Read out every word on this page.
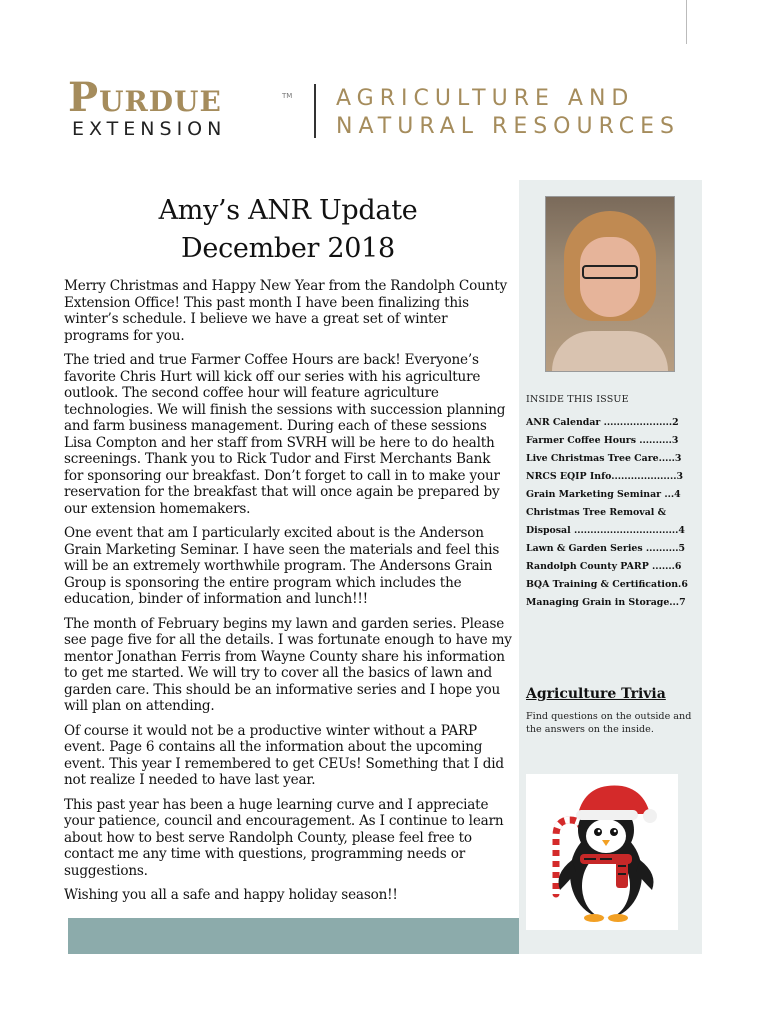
Purdue	TM
EXTENSION
AGRICULTURE AND
NATURAL RESOURCES
Amy’s ANR Update
December 2018

Merry Christmas and Happy New Year from the Randolph County Extension Office! This past month I have been finalizing this winter’s schedule. I believe we have a great set of winter programs for you.

The tried and true Farmer Coffee Hours are back! Everyone’s favorite Chris Hurt will kick off our series with his agriculture outlook. The second coffee hour will feature agriculture technologies. We will finish the sessions with succession planning and farm business management. During each of these sessions Lisa Compton and her staff from SVRH will be here to do health screenings. Thank you to Rick Tudor and First Merchants Bank for sponsoring our breakfast. Don’t forget to call in to make your reservation for the breakfast that will once again be prepared by our extension homemakers.

One event that am I particularly excited about is the Anderson Grain Marketing Seminar. I have seen the materials and feel this will be an extremely worthwhile program. The Andersons Grain Group is sponsoring the entire program which includes the education, binder of information and lunch!!!

The month of February begins my lawn and garden series. Please see page five for all the details. I was fortunate enough to have my mentor Jonathan Ferris from Wayne County share his information to get me started. We will try to cover all the basics of lawn and garden care. This should be an informative series and I hope you will plan on attending.

Of course it would not be a productive winter without a PARP event. Page 6 contains all the information about the upcoming event. This year I remembered to get CEUs! Something that I did not realize I needed to have last year.

This past year has been a huge learning curve and I appreciate your patience, council and encouragement. As I continue to learn about how to best serve Randolph County, please feel free to contact me any time with questions, programming needs or suggestions.

Wishing you all a safe and happy holiday season!!

INSIDE THIS ISSUE
ANR Calendar .....................2
Farmer Coffee Hours ..........3
Live Christmas Tree Care.....3
NRCS EQIP Info....................3
Grain Marketing Seminar ...4
Christmas Tree Removal &
Disposal ................................4
Lawn & Garden Series ..........5
Randolph County PARP .......6
BQA Training & Certification.6
Managing Grain in Storage...7
Agriculture Trivia
Find questions on the outside and the answers on the inside.
